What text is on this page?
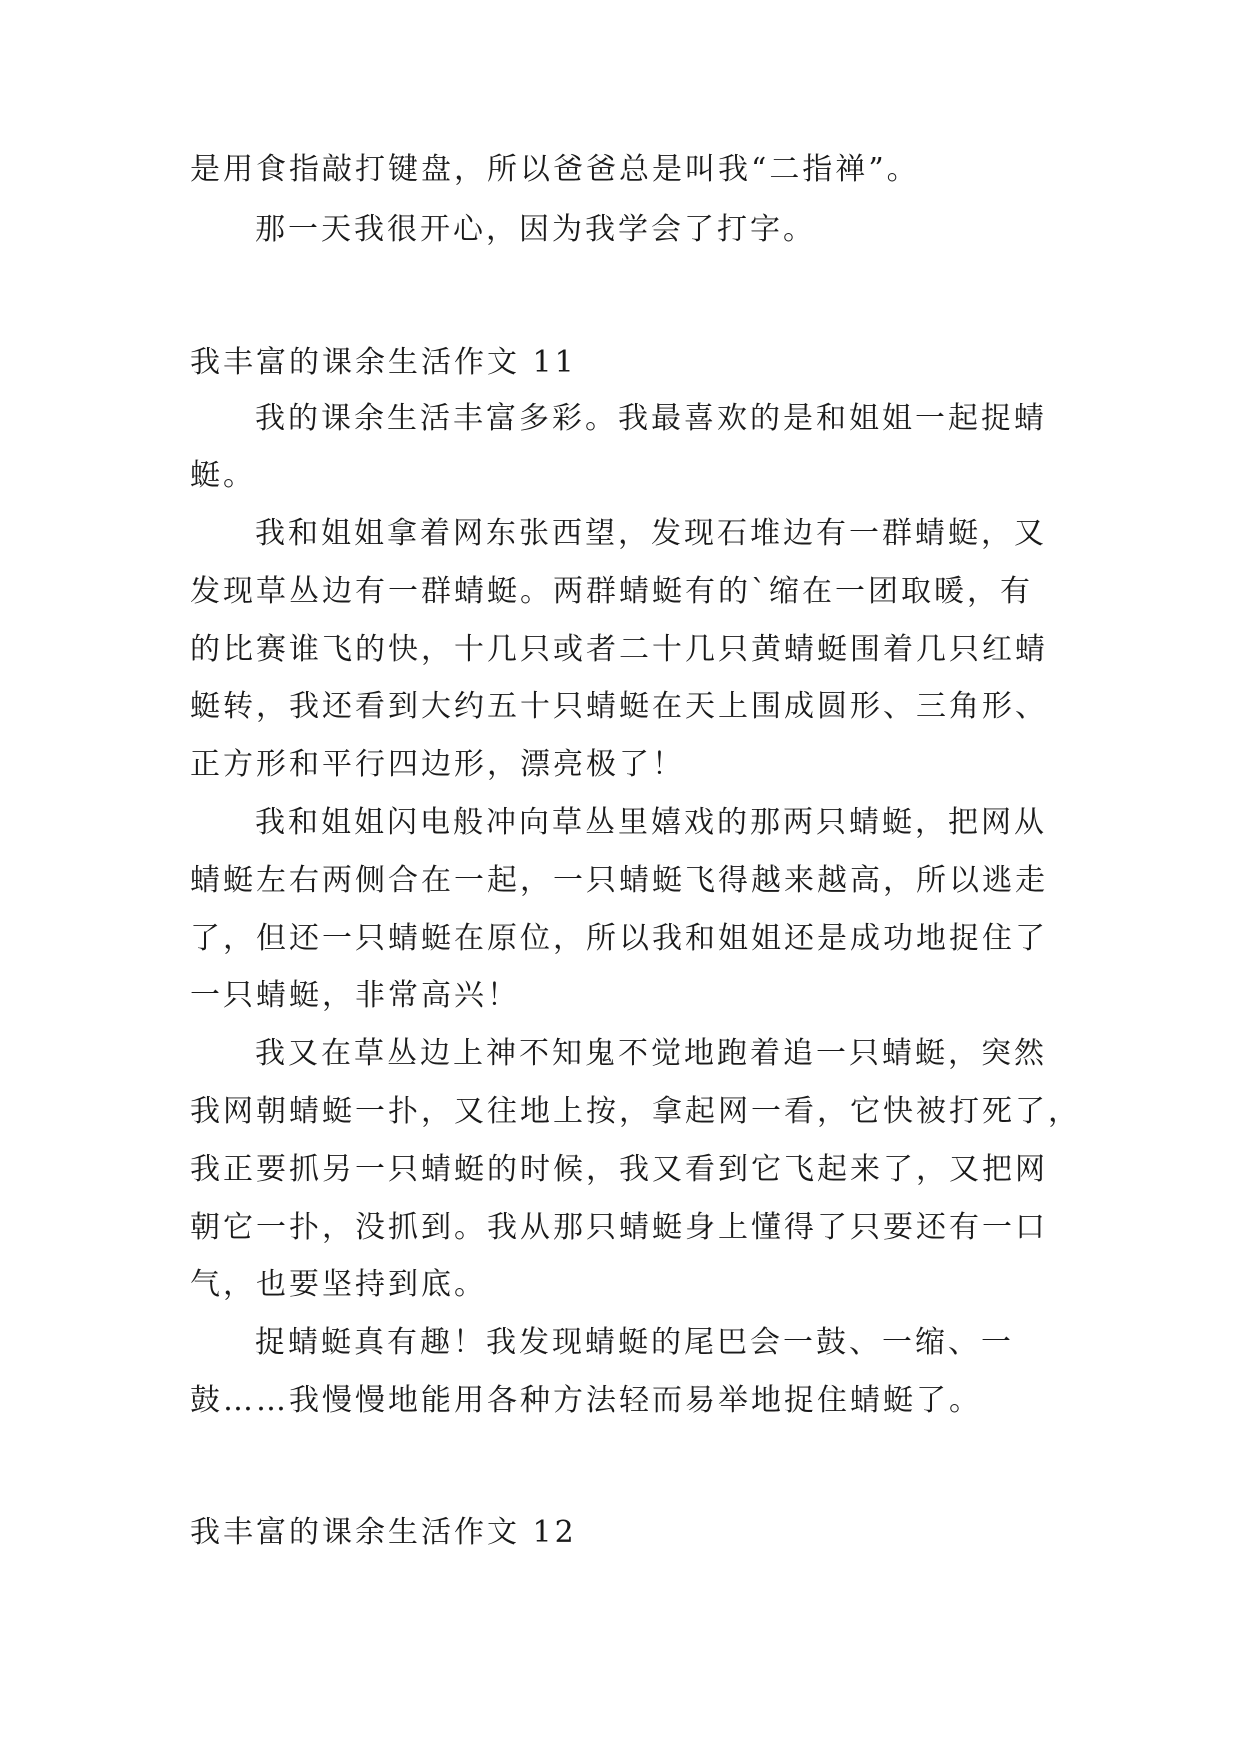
是用食指敲打键盘，所以爸爸总是叫我“二指禅”。
那一天我很开心，因为我学会了打字。
我丰富的课余生活作文 11
我的课余生活丰富多彩。我最喜欢的是和姐姐一起捉蜻
蜓。
我和姐姐拿着网东张西望，发现石堆边有一群蜻蜓，又
发现草丛边有一群蜻蜓。两群蜻蜓有的`缩在一团取暖，有
的比赛谁飞的快，十几只或者二十几只黄蜻蜓围着几只红蜻
蜓转，我还看到大约五十只蜻蜓在天上围成圆形、三角形、
正方形和平行四边形，漂亮极了！
我和姐姐闪电般冲向草丛里嬉戏的那两只蜻蜓，把网从
蜻蜓左右两侧合在一起，一只蜻蜓飞得越来越高，所以逃走
了，但还一只蜻蜓在原位，所以我和姐姐还是成功地捉住了
一只蜻蜓，非常高兴！
我又在草丛边上神不知鬼不觉地跑着追一只蜻蜓，突然
我网朝蜻蜓一扑，又往地上按，拿起网一看，它快被打死了，
我正要抓另一只蜻蜓的时候，我又看到它飞起来了，又把网
朝它一扑，没抓到。我从那只蜻蜓身上懂得了只要还有一口
气，也要坚持到底。
捉蜻蜓真有趣！我发现蜻蜓的尾巴会一鼓、一缩、一
鼓……我慢慢地能用各种方法轻而易举地捉住蜻蜓了。
我丰富的课余生活作文 12
